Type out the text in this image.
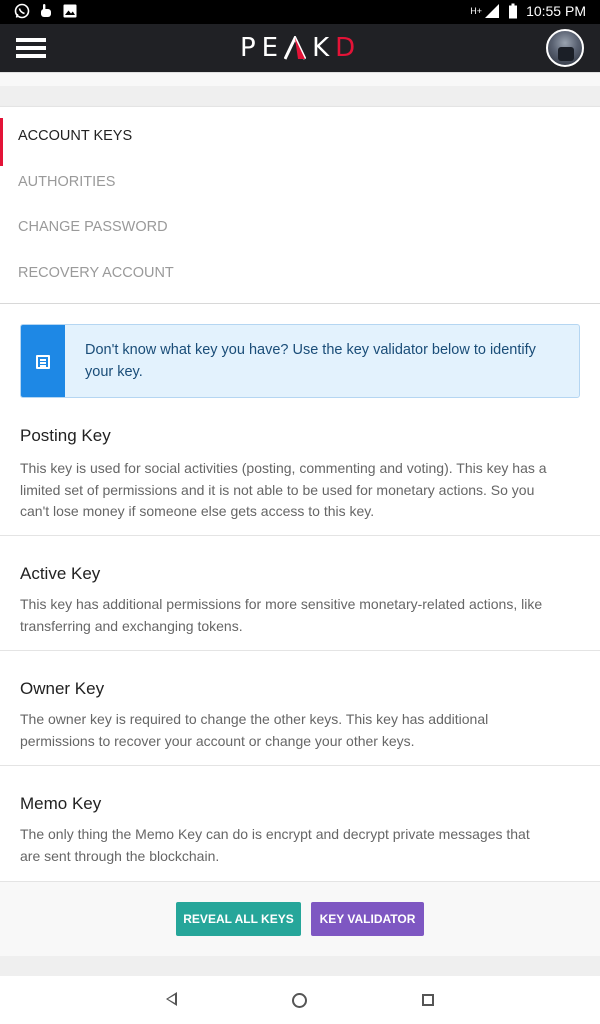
H+	10:55 PM
PE K D
ACCOUNT KEYS
AUTHORITIES
CHANGE PASSWORD
RECOVERY ACCOUNT
Don't know what key you have? Use the key validator below to identify your key.
Posting Key
This key is used for social activities (posting, commenting and voting). This key has a limited set of permissions and it is not able to be used for monetary actions. So you can't lose money if someone else gets access to this key.
Active Key
This key has additional permissions for more sensitive monetary-related actions, like transferring and exchanging tokens.
Owner Key
The owner key is required to change the other keys. This key has additional permissions to recover your account or change your other keys.
Memo Key
The only thing the Memo Key can do is encrypt and decrypt private messages that are sent through the blockchain.
REVEAL ALL KEYS	KEY VALIDATOR
